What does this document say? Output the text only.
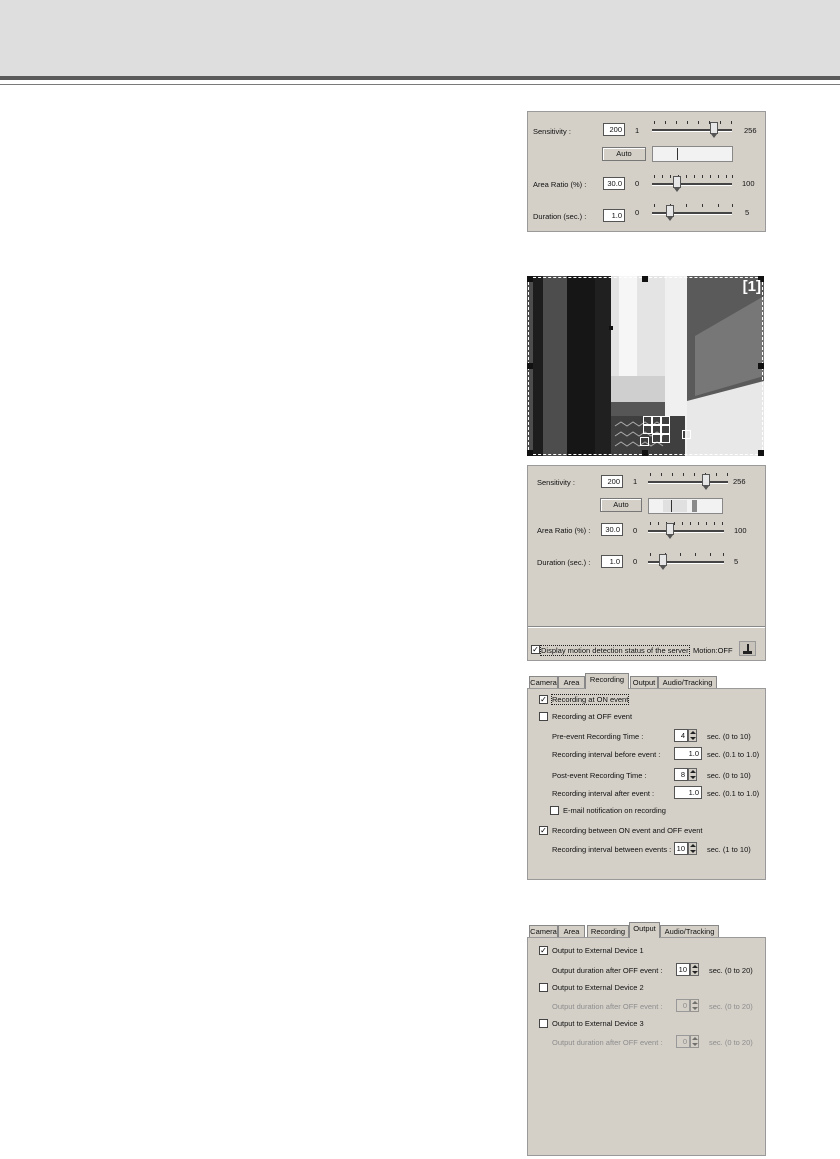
Sensitivity :	200	1	256
Auto
Area Ratio (%) :	30.0	0	100
Duration (sec.) :	1.0	0	5
[1]
Sensitivity :	200	1	256
Auto
Area Ratio (%) :	30.0	0	100
Duration (sec.) :	1.0	0	5
✓ Display motion detection status of the server Motion:OFF
Camera Area	Recording	Output Audio/Tracking
✓ Recording at ON event
Recording at OFF event
Pre-event Recording Time :	4	sec. (0 to 10)
Recording interval before event :	1.0	sec. (0.1 to 1.0)
Post-event Recording Time :	8	sec. (0 to 10)
Recording interval after event :	1.0	sec. (0.1 to 1.0)
E-mail notification on recording
✓ Recording between ON event and OFF event
Recording interval between events : 10	sec. (1 to 10)
Camera Area	Recording	Output	Audio/Tracking
✓ Output to External Device 1
Output duration after OFF event :	10	sec. (0 to 20)
Output to External Device 2
Output duration after OFF event :	0	sec. (0 to 20)
Output to External Device 3
Output duration after OFF event :	0	sec. (0 to 20)
